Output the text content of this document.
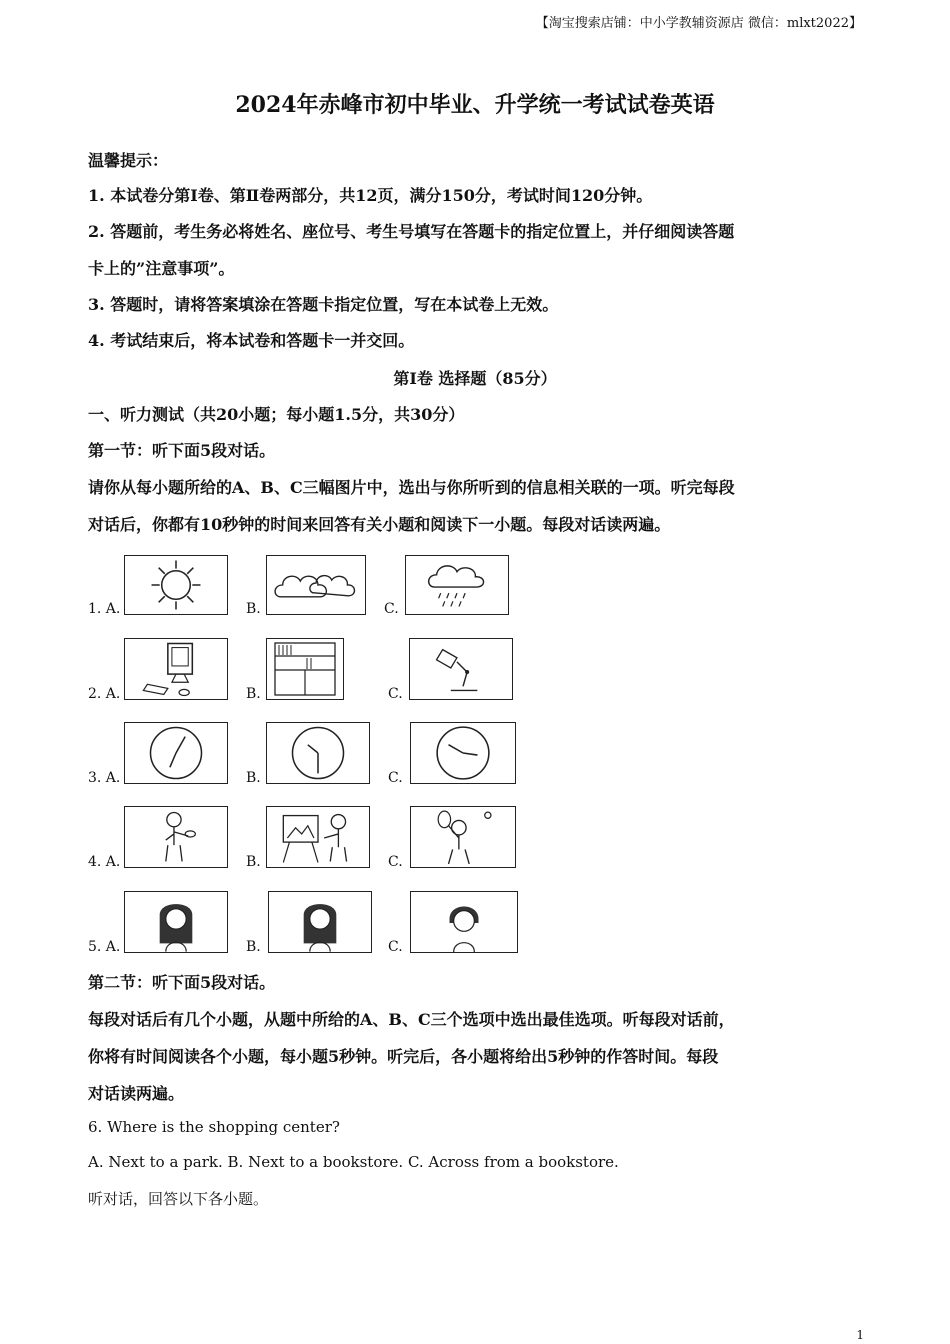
【淘宝搜索店铺：中小学教辅资源店 微信：mlxt2022】
2024年赤峰市初中毕业、升学统一考试试卷英语
温馨提示：
1. 本试卷分第Ⅰ卷、第Ⅱ卷两部分，共12页，满分150分，考试时间120分钟。
2. 答题前，考生务必将姓名、座位号、考生号填写在答题卡的指定位置上，并仔细阅读答题
卡上的”注意事项”。
3. 答题时，请将答案填涂在答题卡指定位置，写在本试卷上无效。
4. 考试结束后，将本试卷和答题卡一并交回。
第Ⅰ卷 选择题（85分）
一、听力测试（共20小题；每小题1.5分，共30分）
第一节：听下面5段对话。
请你从每小题所给的A、B、C三幅图片中，选出与你所听到的信息相关联的一项。听完每段
对话后，你都有10秒钟的时间来回答有关小题和阅读下一小题。每段对话读两遍。
1. A.	B.	C.
2. A.	B.	C.
3. A.	B.	C.
4. A.	B.	C.
5. A.	B.	C.
第二节：听下面5段对话。
每段对话后有几个小题，从题中所给的A、B、C三个选项中选出最佳选项。听每段对话前，
你将有时间阅读各个小题，每小题5秒钟。听完后，各小题将给出5秒钟的作答时间。每段
对话读两遍。
6. Where is the shopping center?
A. Next to a park. B. Next to a bookstore. C. Across from a bookstore.
听对话，回答以下各小题。
1
